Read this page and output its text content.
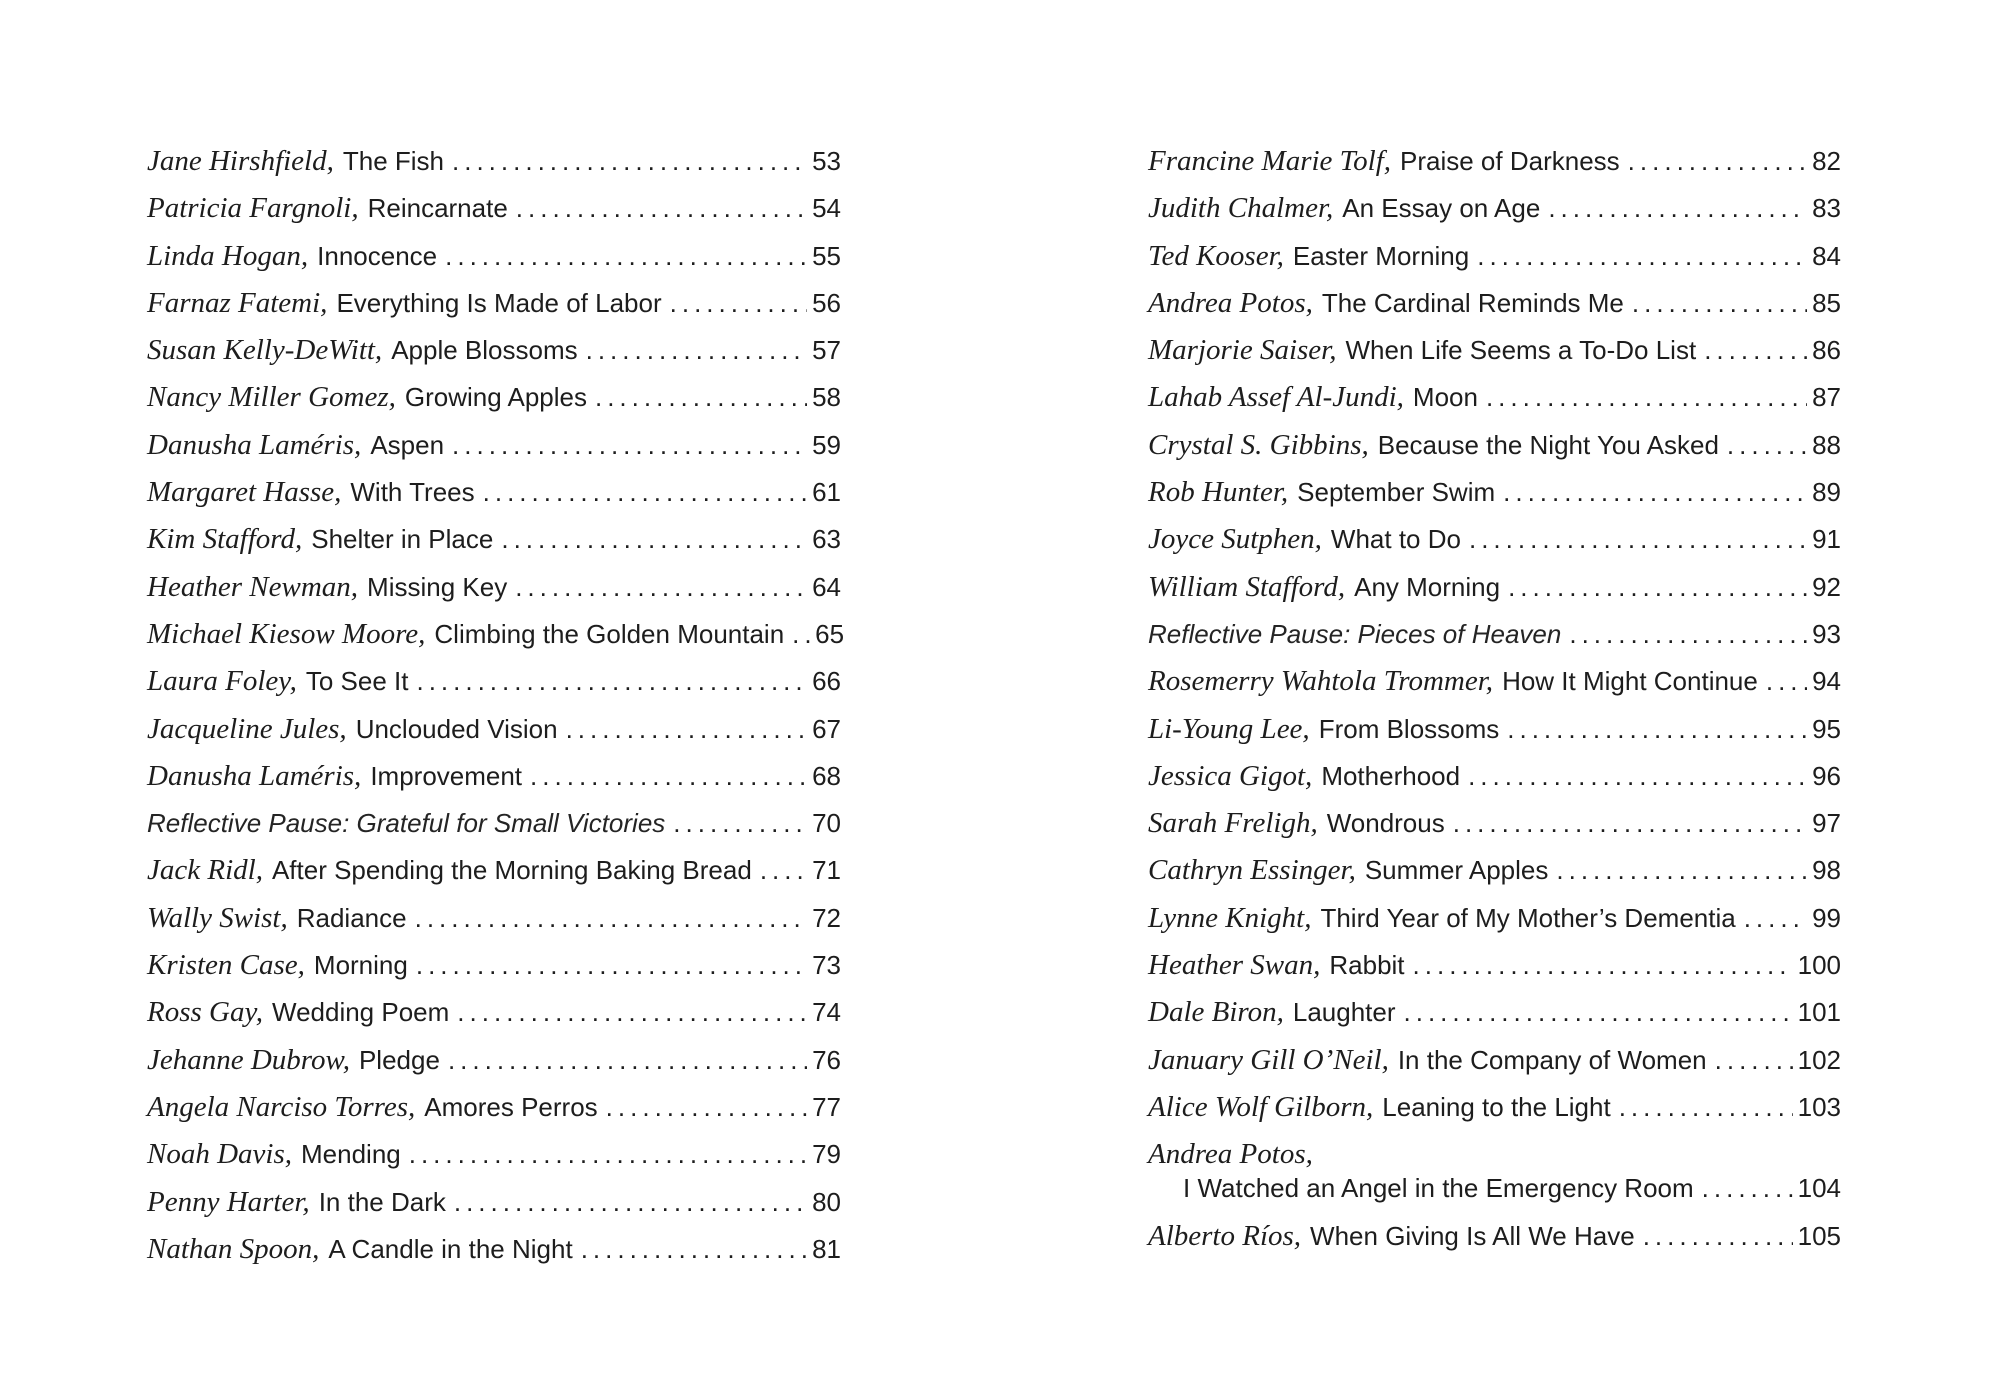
Jane Hirshfield, The Fish .....	53
Patricia Fargnoli, Reincarnate .....	54
Linda Hogan, Innocence .....	55
Farnaz Fatemi, Everything Is Made of Labor .....	56
Susan Kelly-DeWitt, Apple Blossoms .....	57
Nancy Miller Gomez, Growing Apples .....	58
Danusha Laméris, Aspen .....	59
Margaret Hasse, With Trees .....	61
Kim Stafford, Shelter in Place .....	63
Heather Newman, Missing Key .....	64
Michael Kiesow Moore, Climbing the Golden Mountain ..... 65
Laura Foley, To See It .....	66
Jacqueline Jules, Unclouded Vision .....	67
Danusha Laméris, Improvement .....	68
Reflective Pause: Grateful for Small Victories .....	70
Jack Ridl, After Spending the Morning Baking Bread ..... 71
Wally Swist, Radiance .....	72
Kristen Case, Morning .....	73
Ross Gay, Wedding Poem .....	74
Jehanne Dubrow, Pledge .....	76
Angela Narciso Torres, Amores Perros .....	77
Noah Davis, Mending .....	79
Penny Harter, In the Dark .....	80
Nathan Spoon, A Candle in the Night .....	81
Francine Marie Tolf, Praise of Darkness .....	82
Judith Chalmer, An Essay on Age .....	83
Ted Kooser, Easter Morning .....	84
Andrea Potos, The Cardinal Reminds Me .....	85
Marjorie Saiser, When Life Seems a To-Do List .....	86
Lahab Assef Al-Jundi, Moon .....	87
Crystal S. Gibbins, Because the Night You Asked .....	88
Rob Hunter, September Swim .....	89
Joyce Sutphen, What to Do .....	91
William Stafford, Any Morning .....	92
Reflective Pause: Pieces of Heaven .....	93
Rosemerry Wahtola Trommer, How It Might Continue ..... 94
Li-Young Lee, From Blossoms .....	95
Jessica Gigot, Motherhood .....	96
Sarah Freligh, Wondrous .....	97
Cathryn Essinger, Summer Apples .....	98
Lynne Knight, Third Year of My Mother’s Dementia .....	99
Heather Swan, Rabbit .....	100
Dale Biron, Laughter .....	101
January Gill O’Neil, In the Company of Women .....	102
Alice Wolf Gilborn, Leaning to the Light .....	103
Andrea Potos,
I Watched an Angel in the Emergency Room .....	104
Alberto Ríos, When Giving Is All We Have .....	105
